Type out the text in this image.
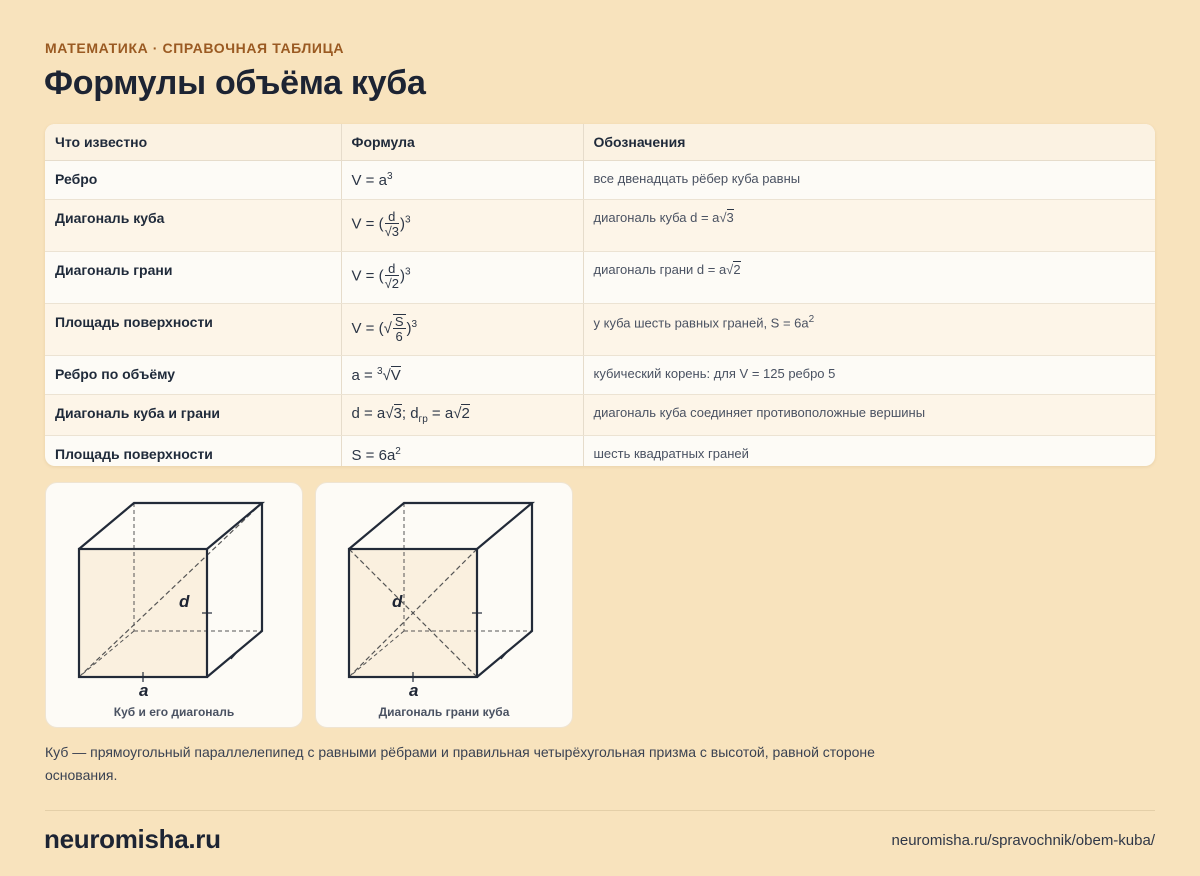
МАТЕМАТИКА · СПРАВОЧНАЯ ТАБЛИЦА
Формулы объёма куба
Что известно	Формула	Обозначения
Ребро	$V = a^3$	все двенадцать рёбер куба равны
Диагональ куба	V = ( $\frac{d}{√3} )^3$	диагональ куба d = a√3
Диагональ грани	V = ( $\frac{d}{√2} )^3$	диагональ грани d = a√2
Площадь поверхности	V = (√ $\frac{S}{6} )^3$	у куба шесть равных граней, $S = 6a^2$
Ребро по объёму	a = $^3$√V	кубический корень: для V = 125 ребро 5
Диагональ куба и грани	d = a√3; $d_{гр} = a√2$	диагональ куба соединяет противоположные вершины
Площадь поверхности	$S = 6a^2$	шесть квадратных граней
d
a
Куб и его диагональ
d
a
Диагональ грани куба
Куб — прямоугольный параллелепипед с равными рёбрами и правильная четырёхугольная призма с высотой, равной стороне основания.
neuromisha.ru	neuromisha.ru/spravochnik/obem-kuba/
